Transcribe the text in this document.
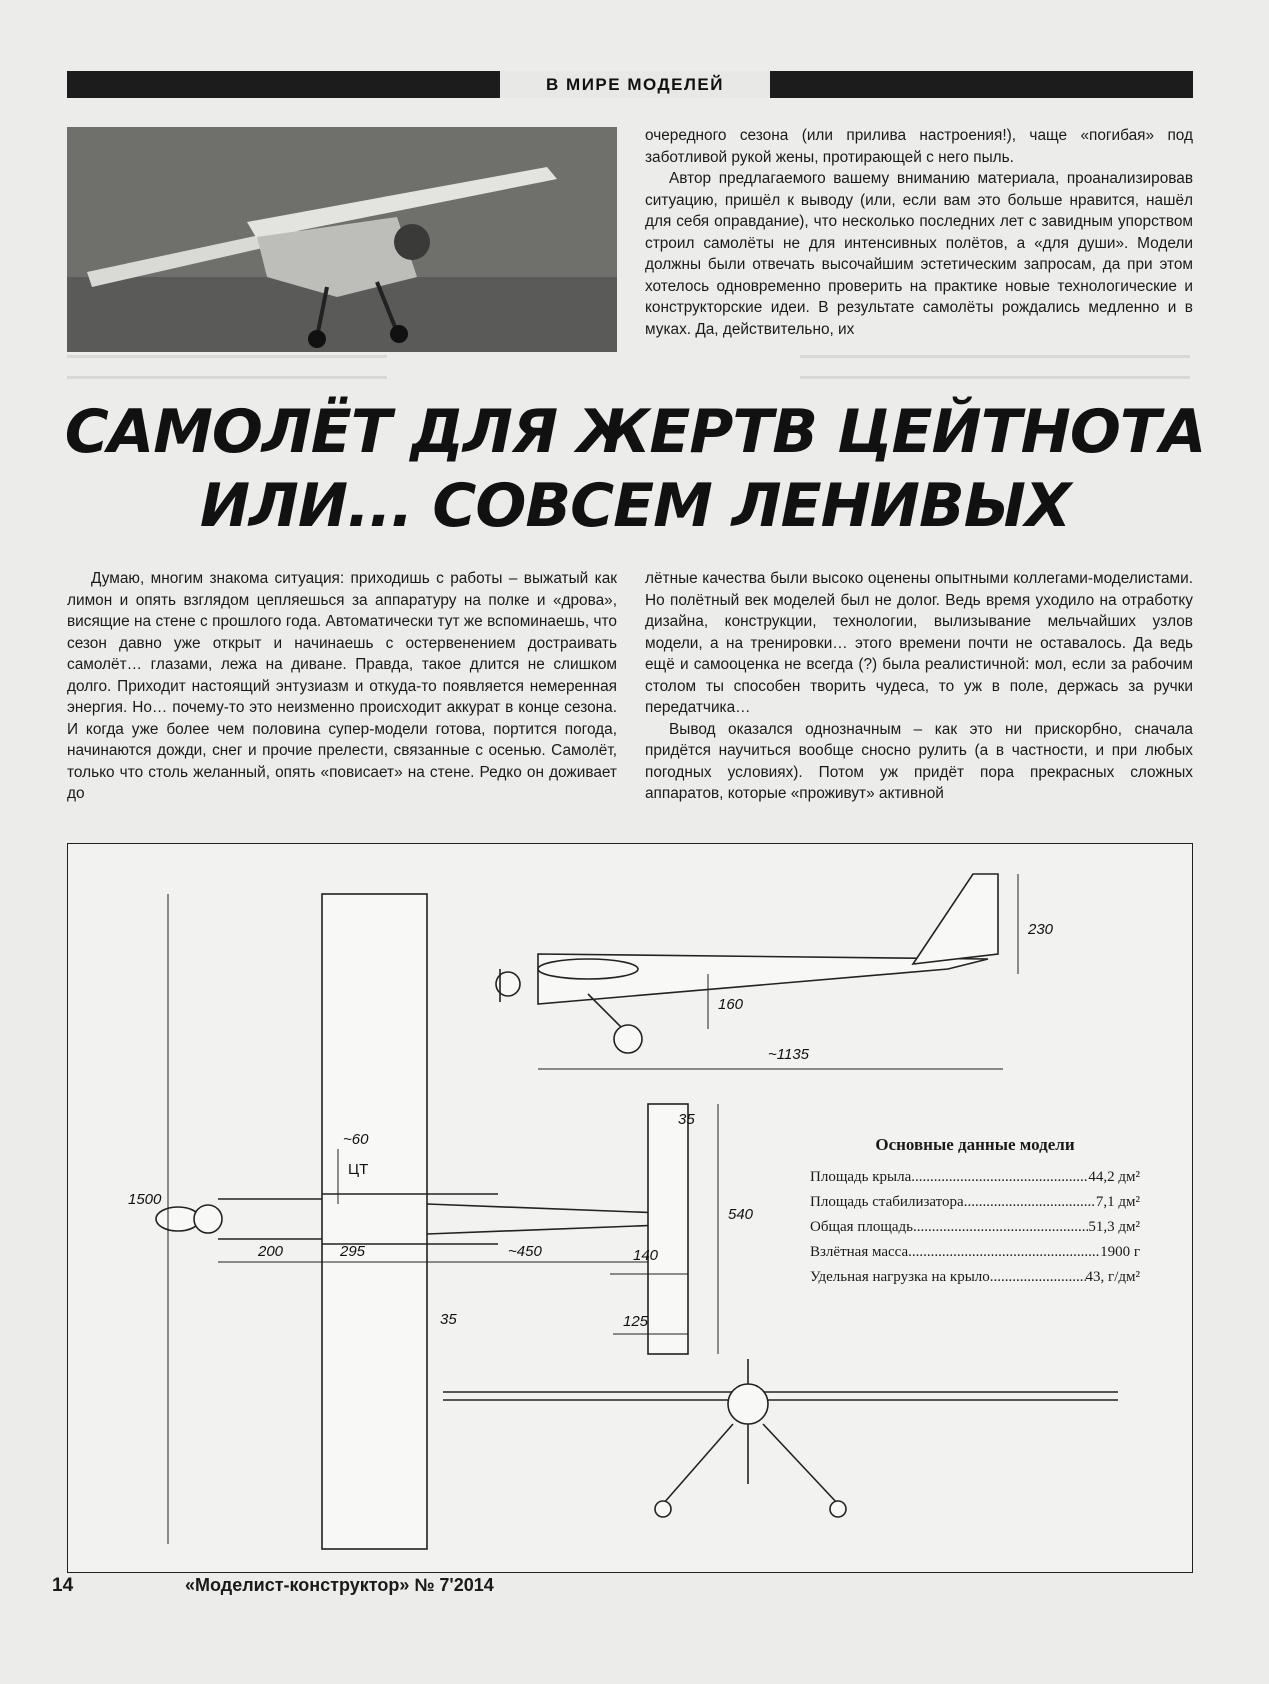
В МИРЕ МОДЕЛЕЙ

очередного сезона (или прилива настроения!), чаще «погибая» под заботливой рукой жены, протирающей с него пыль.

Автор предлагаемого вашему вниманию материала, проанализировав ситуацию, пришёл к выводу (или, если вам это больше нравится, нашёл для себя оправдание), что несколько последних лет с завидным упорством строил самолёты не для интенсивных полётов, а «для души». Модели должны были отвечать высочайшим эстетическим запросам, да при этом хотелось одновременно проверить на практике новые технологические и конструкторские идеи. В результате самолёты рождались медленно и в муках. Да, действительно, их

САМОЛЁТ ДЛЯ ЖЕРТВ ЦЕЙТНОТА
ИЛИ... СОВСЕМ ЛЕНИВЫХ

Думаю, многим знакома ситуация: приходишь с работы – выжатый как лимон и опять взглядом цепляешься за аппаратуру на полке и «дрова», висящие на стене с прошлого года. Автоматически тут же вспоминаешь, что сезон давно уже открыт и начинаешь с остервенением достраивать самолёт… глазами, лежа на диване. Правда, такое длится не слишком долго. Приходит настоящий энтузиазм и откуда-то появляется немеренная энергия. Но… почему-то это неизменно происходит аккурат в конце сезона. И когда уже более чем половина супер-модели готова, портится погода, начинаются дожди, снег и прочие прелести, связанные с осенью. Самолёт, только что столь желанный, опять «повисает» на стене. Редко он доживает до

лётные качества были высоко оценены опытными коллегами-моделистами. Но полётный век моделей был не долог. Ведь время уходило на отработку дизайна, конструкции, технологии, вылизывание мельчайших узлов модели, а на тренировки… этого времени почти не оставалось. Да ведь ещё и самооценка не всегда (?) была реалистичной: мол, если за рабочим столом ты способен творить чудеса, то уж в поле, держась за ручки передатчика…

Вывод оказался однозначным – как это ни прискорбно, сначала придётся научиться вообще сносно рулить (а в частности, и при любых погодных условиях). Потом уж придёт пора прекрасных сложных аппаратов, которые «проживут» активной

230
160
~1135
~60
ЦТ
1500
35
540
200	295	~450	140
35	125
Основные данные модели
Площадь крыла .....	44,2 дм²
Площадь стабилизатора .....	7,1 дм²
Общая площадь .....	51,3 дм²
Взлётная масса .....	1900 г
Удельная нагрузка на крыло .....	43, г/дм²
14	«Моделист-конструктор» № 7'2014
